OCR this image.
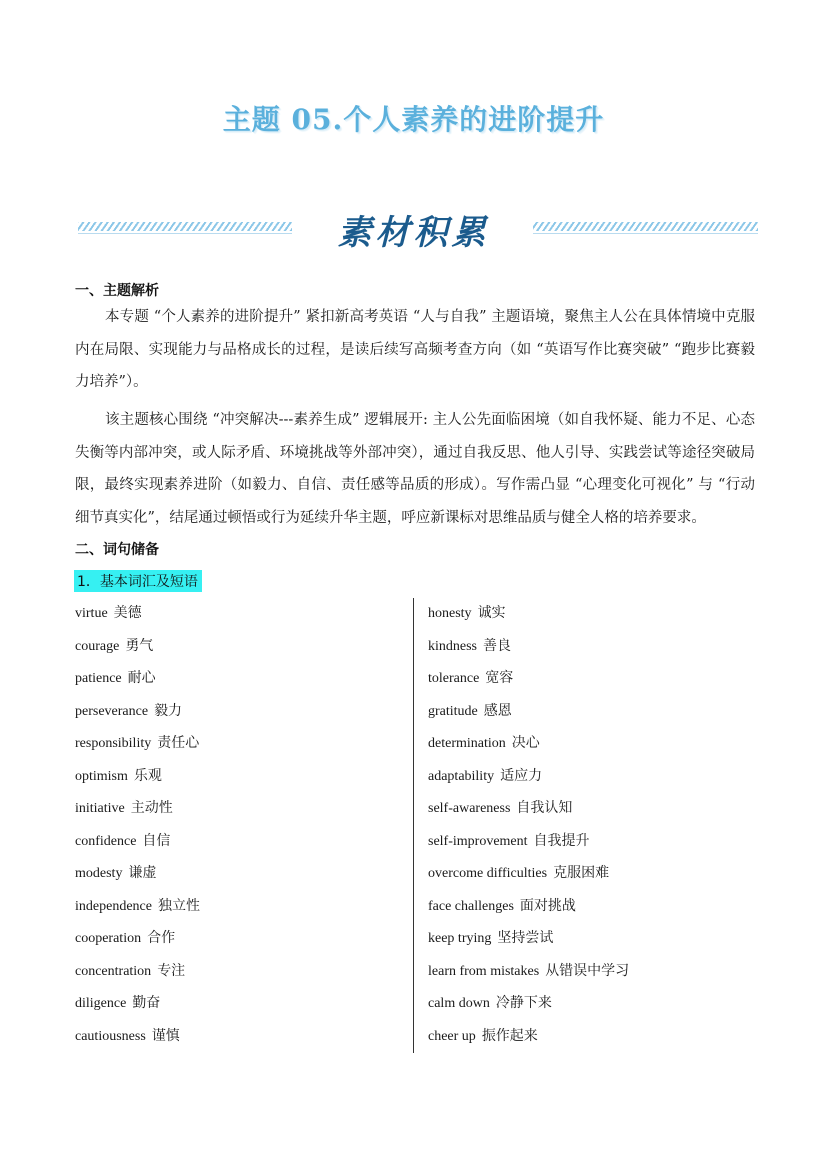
主题 05.个人素养的进阶提升
素材积累
一、主题解析

本专题 “个人素养的进阶提升” 紧扣新高考英语 “人与自我” 主题语境，聚焦主人公在具体情境中克服内在局限、实现能力与品格成长的过程，是读后续写高频考查方向（如 “英语写作比赛突破” “跑步比赛毅力培养”）。

该主题核心围绕 “冲突解决---素养生成” 逻辑展开: 主人公先面临困境（如自我怀疑、能力不足、心态失衡等内部冲突，或人际矛盾、环境挑战等外部冲突），通过自我反思、他人引导、实践尝试等途径突破局限，最终实现素养进阶（如毅力、自信、责任感等品质的形成）。写作需凸显 “心理变化可视化” 与 “行动细节真实化”，结尾通过顿悟或行为延续升华主题，呼应新课标对思维品质与健全人格的培养要求。

二、词句储备
1．基本词汇及短语
virtue 美德
courage 勇气
patience 耐心
perseverance 毅力
responsibility 责任心
optimism 乐观
initiative 主动性
confidence 自信
modesty 谦虚
independence 独立性
cooperation 合作
concentration 专注
diligence 勤奋
cautiousness 谨慎
honesty 诚实
kindness 善良
tolerance 宽容
gratitude 感恩
determination 决心
adaptability 适应力
self-awareness 自我认知
self-improvement 自我提升
overcome difficulties 克服困难
face challenges 面对挑战
keep trying 坚持尝试
learn from mistakes 从错误中学习
calm down 冷静下来
cheer up 振作起来
